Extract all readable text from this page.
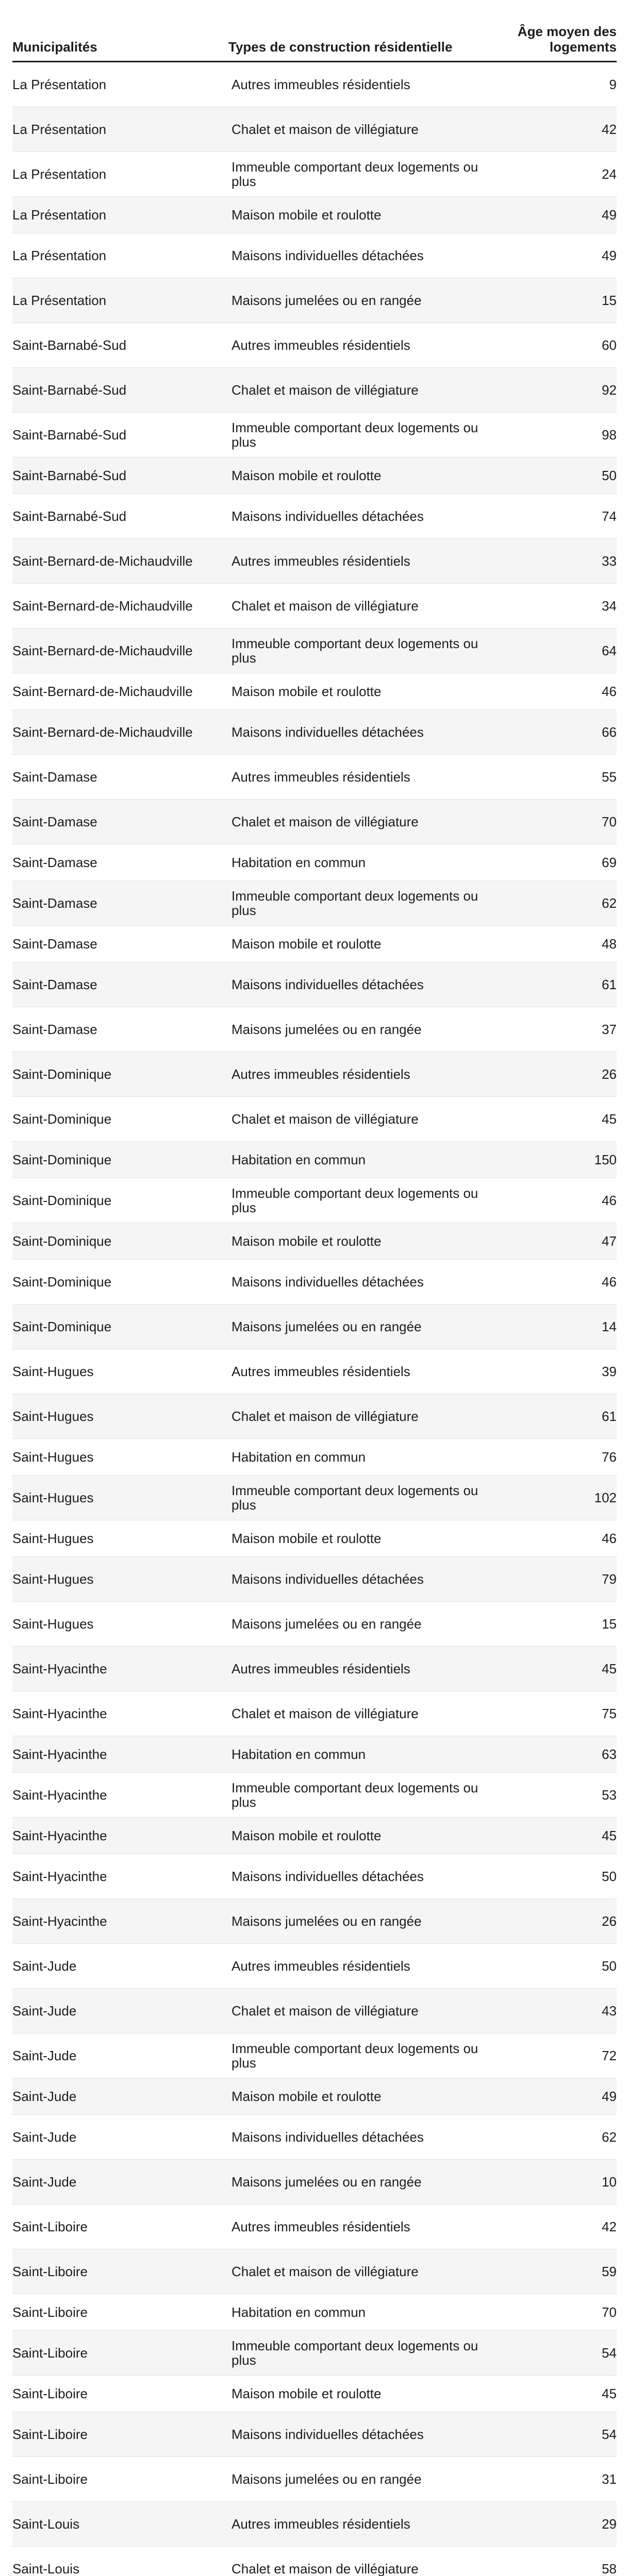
Municipalités	Types de construction résidentielle	Âge moyen des logements
La Présentation	Autres immeubles résidentiels	9
La Présentation	Chalet et maison de villégiature	42
La Présentation	Immeuble comportant deux logements ou plus	24
La Présentation	Maison mobile et roulotte	49
La Présentation	Maisons individuelles détachées	49
La Présentation	Maisons jumelées ou en rangée	15
Saint-Barnabé-Sud	Autres immeubles résidentiels	60
Saint-Barnabé-Sud	Chalet et maison de villégiature	92
Saint-Barnabé-Sud	Immeuble comportant deux logements ou plus	98
Saint-Barnabé-Sud	Maison mobile et roulotte	50
Saint-Barnabé-Sud	Maisons individuelles détachées	74
Saint-Bernard-de-Michaudville	Autres immeubles résidentiels	33
Saint-Bernard-de-Michaudville	Chalet et maison de villégiature	34
Saint-Bernard-de-Michaudville	Immeuble comportant deux logements ou plus	64
Saint-Bernard-de-Michaudville	Maison mobile et roulotte	46
Saint-Bernard-de-Michaudville	Maisons individuelles détachées	66
Saint-Damase	Autres immeubles résidentiels	55
Saint-Damase	Chalet et maison de villégiature	70
Saint-Damase	Habitation en commun	69
Saint-Damase	Immeuble comportant deux logements ou plus	62
Saint-Damase	Maison mobile et roulotte	48
Saint-Damase	Maisons individuelles détachées	61
Saint-Damase	Maisons jumelées ou en rangée	37
Saint-Dominique	Autres immeubles résidentiels	26
Saint-Dominique	Chalet et maison de villégiature	45
Saint-Dominique	Habitation en commun	150
Saint-Dominique	Immeuble comportant deux logements ou plus	46
Saint-Dominique	Maison mobile et roulotte	47
Saint-Dominique	Maisons individuelles détachées	46
Saint-Dominique	Maisons jumelées ou en rangée	14
Saint-Hugues	Autres immeubles résidentiels	39
Saint-Hugues	Chalet et maison de villégiature	61
Saint-Hugues	Habitation en commun	76
Saint-Hugues	Immeuble comportant deux logements ou plus	102
Saint-Hugues	Maison mobile et roulotte	46
Saint-Hugues	Maisons individuelles détachées	79
Saint-Hugues	Maisons jumelées ou en rangée	15
Saint-Hyacinthe	Autres immeubles résidentiels	45
Saint-Hyacinthe	Chalet et maison de villégiature	75
Saint-Hyacinthe	Habitation en commun	63
Saint-Hyacinthe	Immeuble comportant deux logements ou plus	53
Saint-Hyacinthe	Maison mobile et roulotte	45
Saint-Hyacinthe	Maisons individuelles détachées	50
Saint-Hyacinthe	Maisons jumelées ou en rangée	26
Saint-Jude	Autres immeubles résidentiels	50
Saint-Jude	Chalet et maison de villégiature	43
Saint-Jude	Immeuble comportant deux logements ou plus	72
Saint-Jude	Maison mobile et roulotte	49
Saint-Jude	Maisons individuelles détachées	62
Saint-Jude	Maisons jumelées ou en rangée	10
Saint-Liboire	Autres immeubles résidentiels	42
Saint-Liboire	Chalet et maison de villégiature	59
Saint-Liboire	Habitation en commun	70
Saint-Liboire	Immeuble comportant deux logements ou plus	54
Saint-Liboire	Maison mobile et roulotte	45
Saint-Liboire	Maisons individuelles détachées	54
Saint-Liboire	Maisons jumelées ou en rangée	31
Saint-Louis	Autres immeubles résidentiels	29
Saint-Louis	Chalet et maison de villégiature	58
